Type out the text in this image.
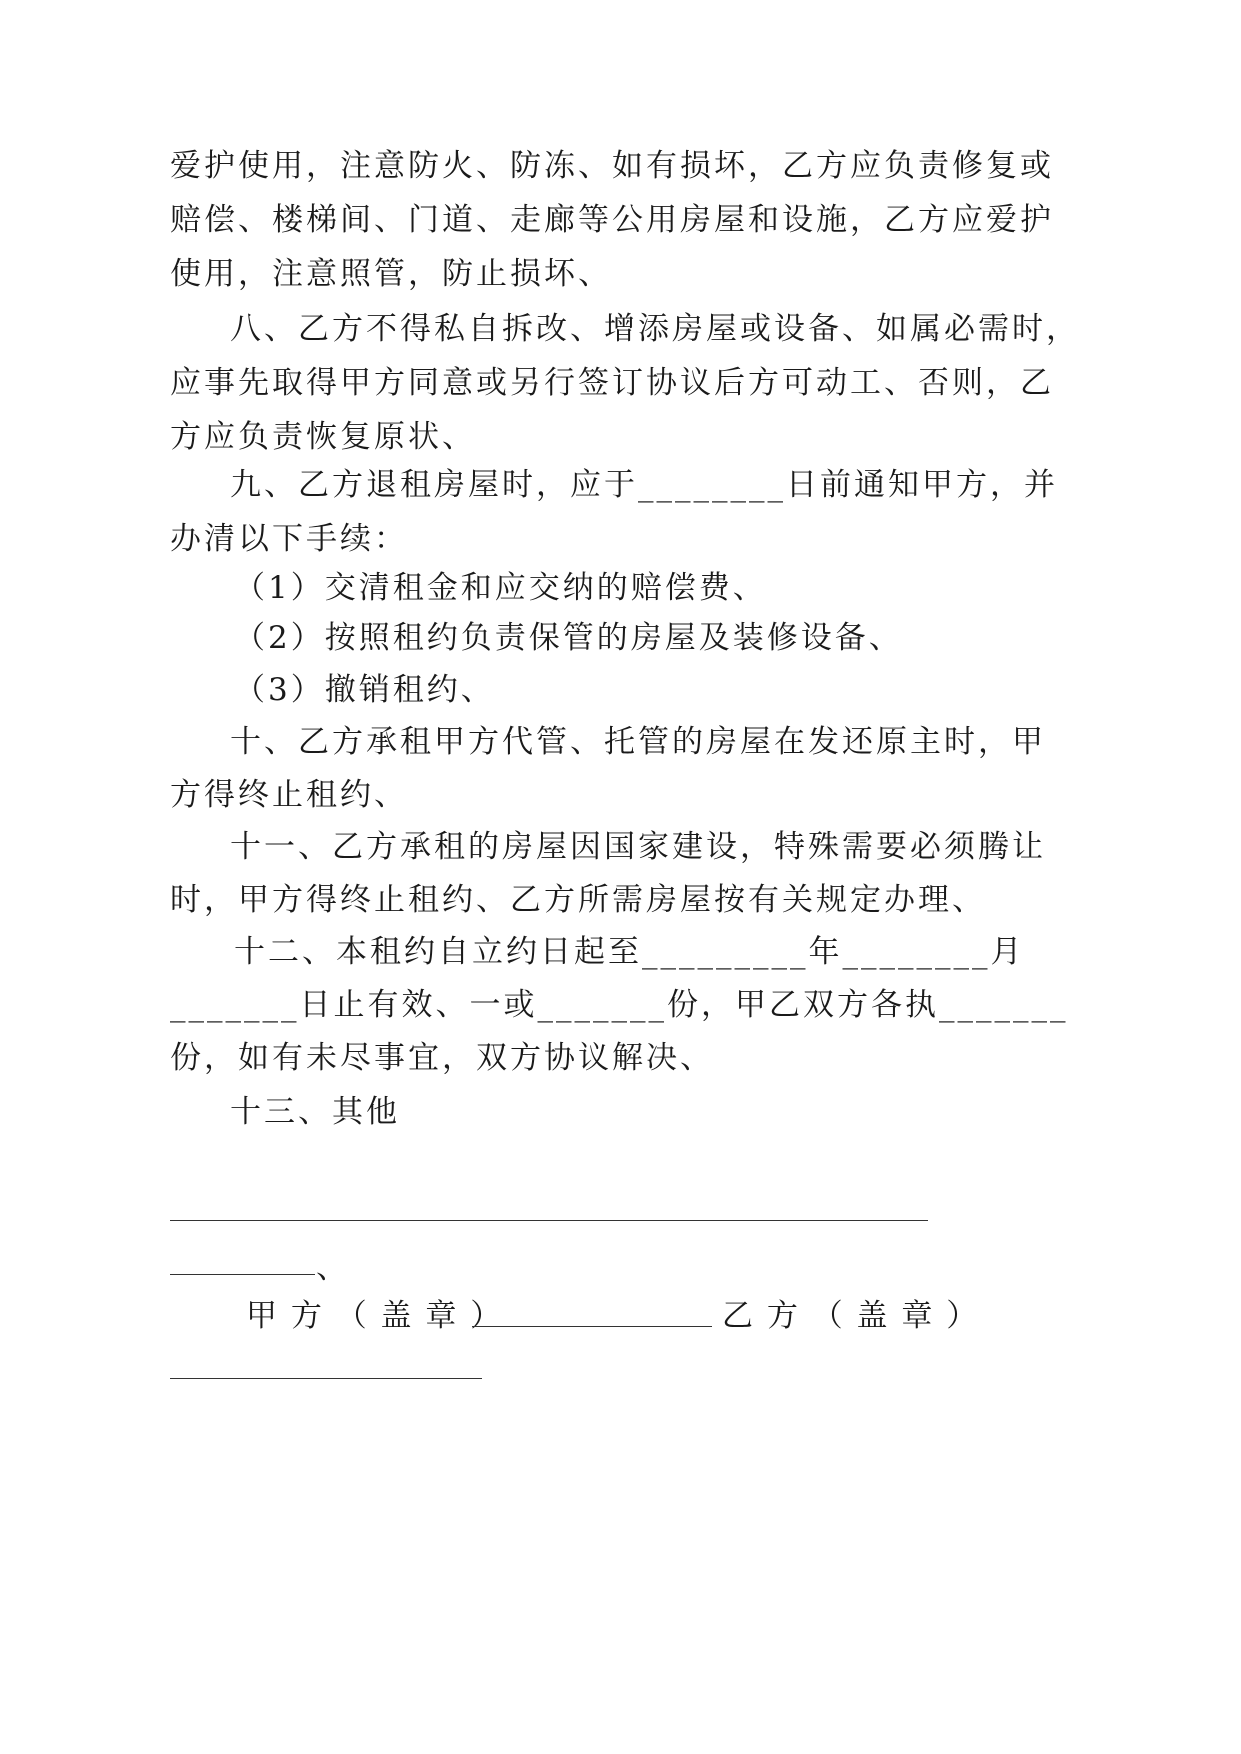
爱护使用，注意防火、防冻、如有损坏，乙方应负责修复或
赔偿、楼梯间、门道、走廊等公用房屋和设施，乙方应爱护
使用，注意照管，防止损坏、
八、乙方不得私自拆改、增添房屋或设备、如属必需时，
应事先取得甲方同意或另行签订协议后方可动工、否则，乙
方应负责恢复原状、
九、乙方退租房屋时，应于________日前通知甲方，并
办清以下手续：
（1）交清租金和应交纳的赔偿费、
（2）按照租约负责保管的房屋及装修设备、
（3）撤销租约、
十、乙方承租甲方代管、托管的房屋在发还原主时，甲
方得终止租约、
十一、乙方承租的房屋因国家建设，特殊需要必须腾让
时，甲方得终止租约、乙方所需房屋按有关规定办理、
十二、本租约自立约日起至_________年________月
_______日止有效、一或_______份，甲乙双方各执_______
份，如有未尽事宜，双方协议解决、
十三、其他
、
甲 方 （ 盖 章 ）	乙 方 （ 盖 章 ）
